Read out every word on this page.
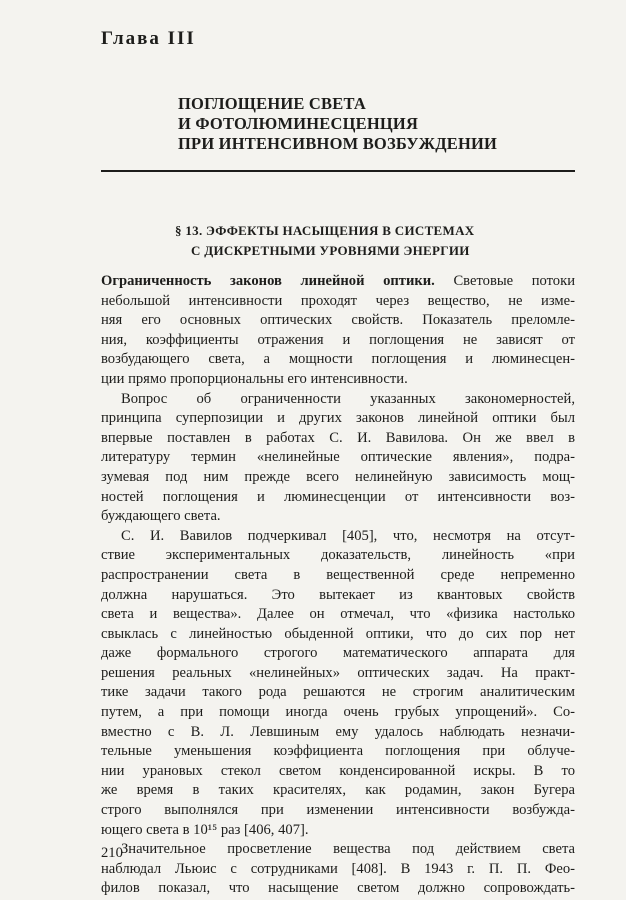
Глава III
ПОГЛОЩЕНИЕ СВЕТА
И ФОТОЛЮМИНЕСЦЕНЦИЯ
ПРИ ИНТЕНСИВНОМ ВОЗБУЖДЕНИИ
§ 13. ЭФФЕКТЫ НАСЫЩЕНИЯ В СИСТЕМАХ
С ДИСКРЕТНЫМИ УРОВНЯМИ ЭНЕРГИИ

Ограниченность законов линейной оптики. Световые потоки
небольшой интенсивности проходят через вещество, не изме-
няя его основных оптических свойств. Показатель преломле-
ния, коэффициенты отражения и поглощения не зависят от
возбудающего света, а мощности поглощения и люминесцен-
ции прямо пропорциональны его интенсивности.

Вопрос об ограниченности указанных закономерностей,
принципа суперпозиции и других законов линейной оптики был
впервые поставлен в работах С. И. Вавилова. Он же ввел в
литературу термин «нелинейные оптические явления», подра-
зумевая под ним прежде всего нелинейную зависимость мощ-
ностей поглощения и люминесценции от интенсивности воз-
буждающего света.

С. И. Вавилов подчеркивал [405], что, несмотря на отсут-
ствие экспериментальных доказательств, линейность «при
распространении света в вещественной среде непременно
должна нарушаться. Это вытекает из квантовых свойств
света и вещества». Далее он отмечал, что «физика настолько
свыклась с линейностью обыденной оптики, что до сих пор нет
даже формального строгого математического аппарата для
решения реальных «нелинейных» оптических задач. На практ-
тике задачи такого рода решаются не строгим аналитическим
путем, а при помощи иногда очень грубых упрощений». Со-
вместно с В. Л. Левшиным ему удалось наблюдать незначи-
тельные уменьшения коэффициента поглощения при облуче-
нии урановых стекол светом конденсированной искры. В то
же время в таких красителях, как родамин, закон Бугера
строго выполнялся при изменении интенсивности возбужда-
ющего света в 10¹⁵ раз [406, 407].

Значительное просветление вещества под действием света
наблюдал Льюис с сотрудниками [408]. В 1943 г. П. П. Фео-
филов показал, что насыщение светом должно сопровождать-

210
